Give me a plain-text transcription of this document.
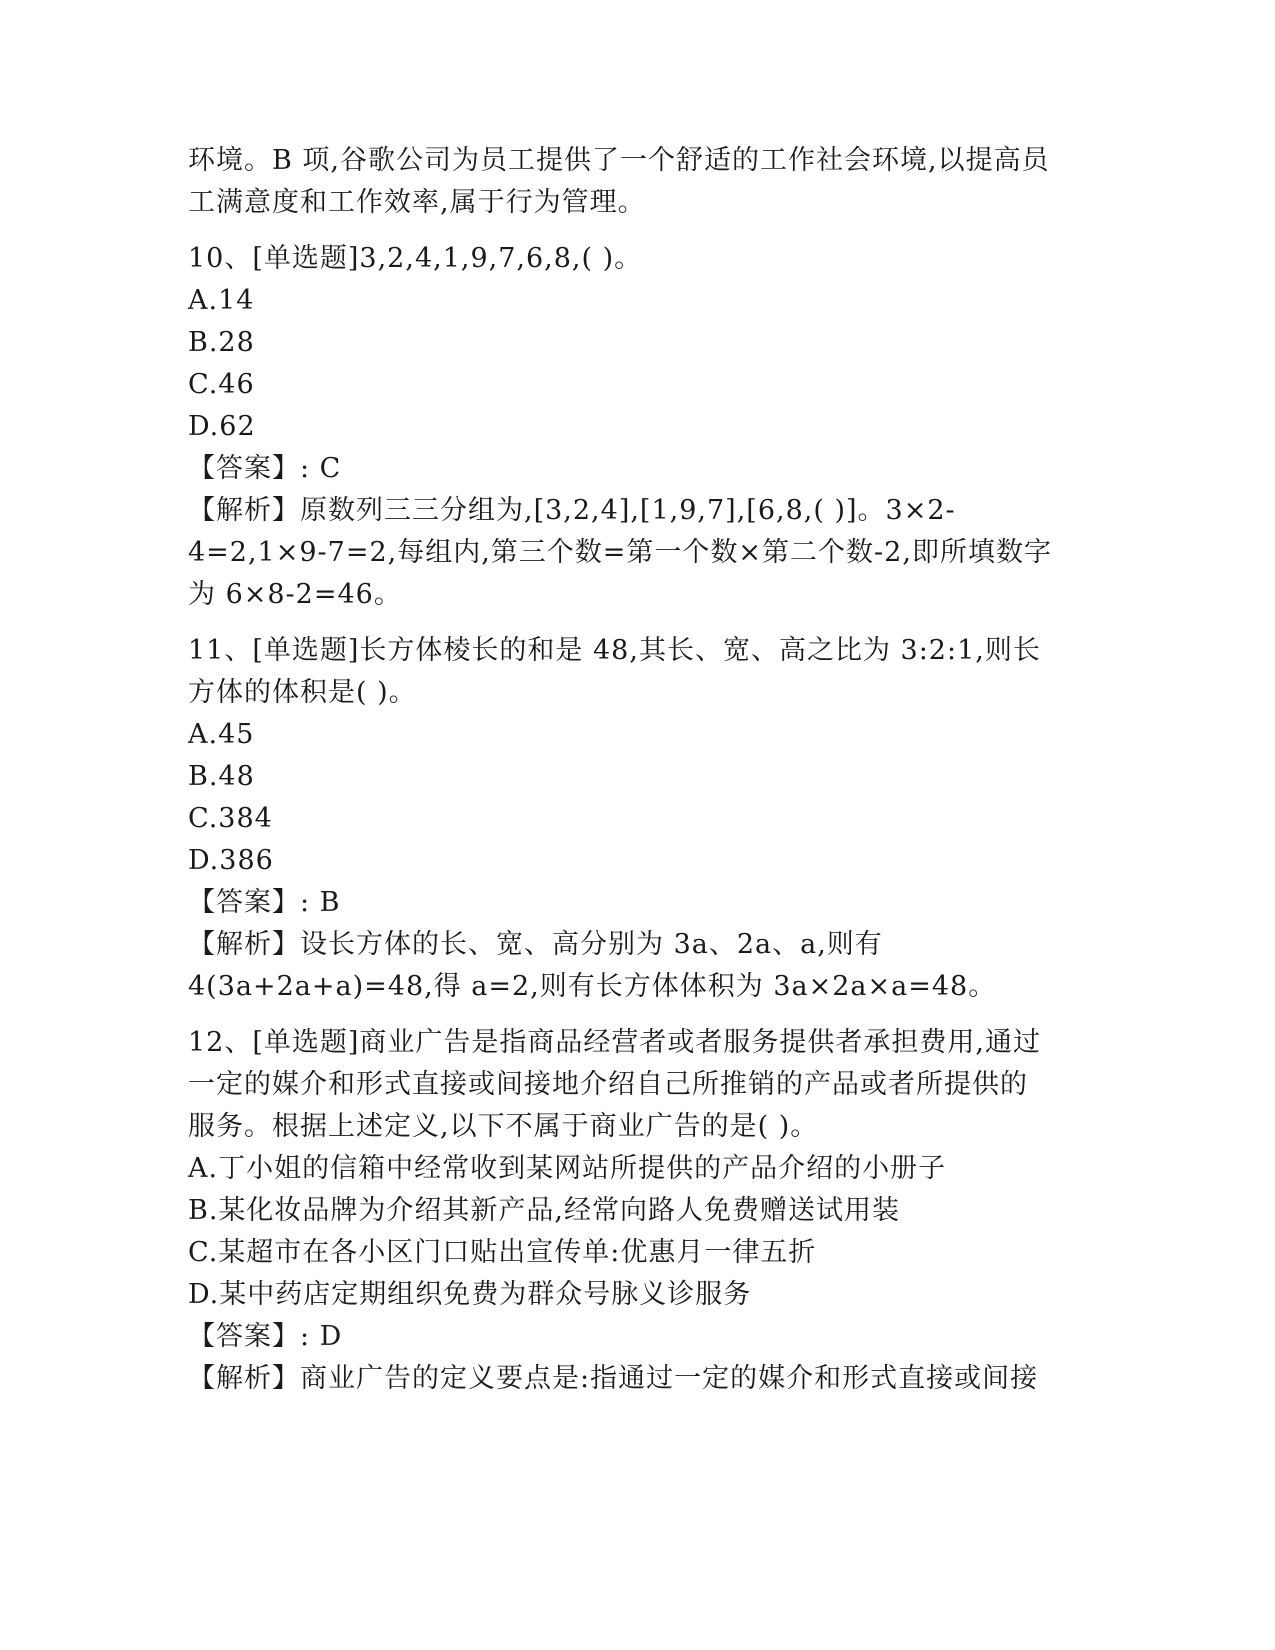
环境。B 项,谷歌公司为员工提供了一个舒适的工作社会环境,以提高员
工满意度和工作效率,属于行为管理。
10、[单选题]3,2,4,1,9,7,6,8,( )。
A.14
B.28
C.46
D.62
【答案】: C
【解析】原数列三三分组为,[3,2,4],[1,9,7],[6,8,( )]。3×2-
4=2,1×9-7=2,每组内,第三个数=第一个数×第二个数-2,即所填数字
为 6×8-2=46。
11、[单选题]长方体棱长的和是 48,其长、宽、高之比为 3:2:1,则长
方体的体积是( )。
A.45
B.48
C.384
D.386
【答案】: B
【解析】设长方体的长、宽、高分别为 3a、2a、a,则有
4(3a+2a+a)=48,得 a=2,则有长方体体积为 3a×2a×a=48。
12、[单选题]商业广告是指商品经营者或者服务提供者承担费用,通过
一定的媒介和形式直接或间接地介绍自己所推销的产品或者所提供的
服务。根据上述定义,以下不属于商业广告的是( )。
A.丁小姐的信箱中经常收到某网站所提供的产品介绍的小册子
B.某化妆品牌为介绍其新产品,经常向路人免费赠送试用装
C.某超市在各小区门口贴出宣传单:优惠月一律五折
D.某中药店定期组织免费为群众号脉义诊服务
【答案】: D
【解析】商业广告的定义要点是:指通过一定的媒介和形式直接或间接
